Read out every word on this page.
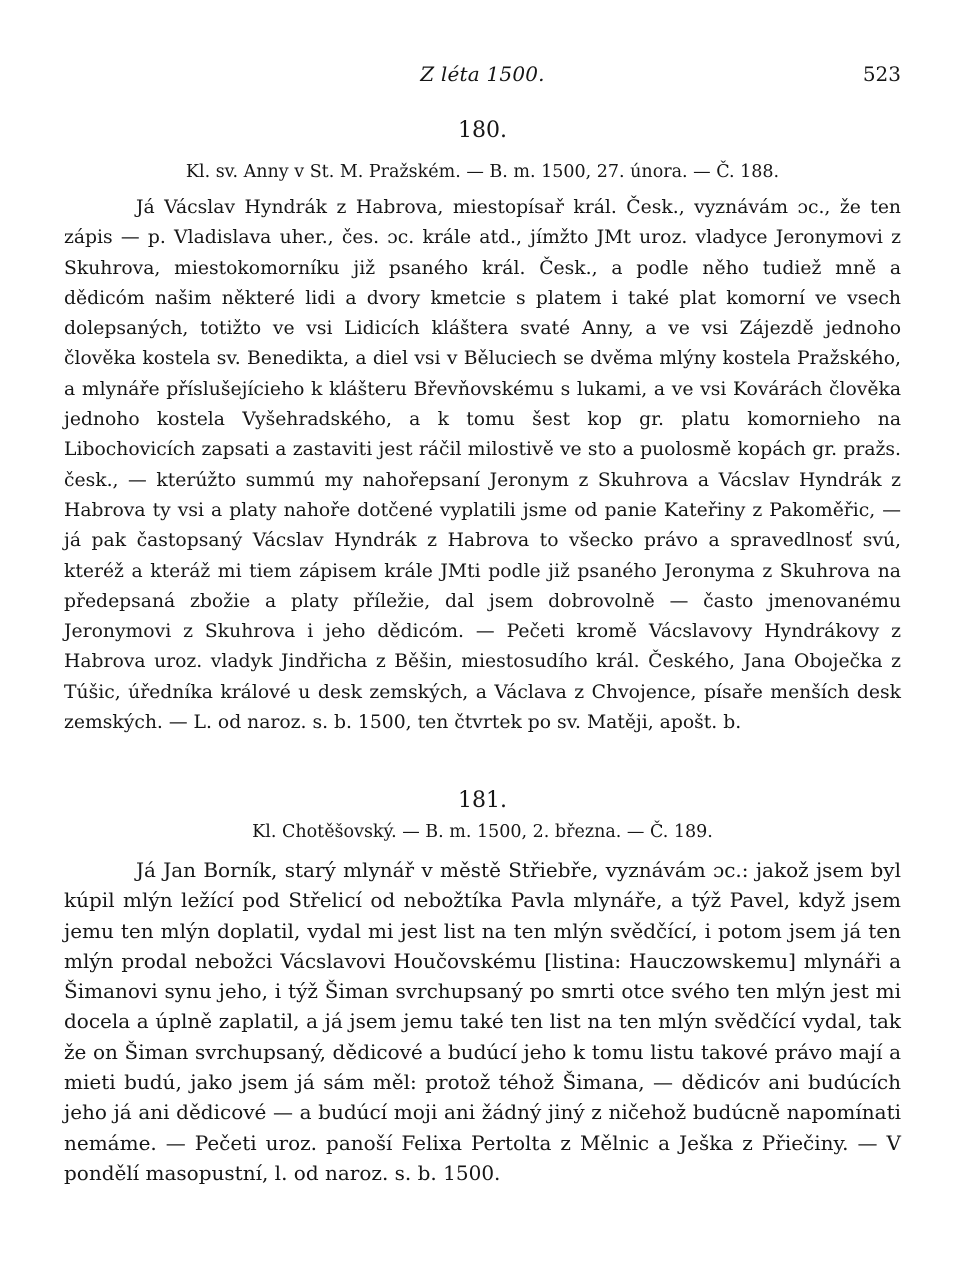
Z léta 1500.	523
180.
Kl. sv. Anny v St. M. Pražském. — B. m. 1500, 27. února. — Č. 188.

Já Vácslav Hyndrák z Habrova, miestopísař král. Česk., vyznávám ɔc., že ten zápis — p. Vladislava uher., čes. ɔc. krále atd., jímžto JMt uroz. vladyce Jeronymovi z Skuhrova, miestokomorníku již psaného král. Česk., a podle něho tudiež mně a dědicóm našim některé lidi a dvory kmetcie s platem i také plat komorní ve vsech dolepsaných, totižto ve vsi Lidicích kláštera svaté Anny, a ve vsi Zájezdě jednoho člověka kostela sv. Benedikta, a diel vsi v Běluciech se dvěma mlýny kostela Pražského, a mlynáře příslušejícieho k klášteru Břevňovskému s lukami, a ve vsi Kovárách člověka jednoho kostela Vyšehradského, a k tomu šest kop gr. platu komornieho na Libochovicích zapsati a zastaviti jest ráčil milostivě ve sto a puolosmě kopách gr. pražs. česk., — kterúžto summú my nahořepsaní Jeronym z Skuhrova a Vácslav Hyndrák z Habrova ty vsi a platy nahoře dotčené vyplatili jsme od panie Kateřiny z Pakoměřic, — já pak častopsaný Vácslav Hyndrák z Habrova to všecko právo a spravedlnosť svú, kteréž a kteráž mi tiem zápisem krále JMti podle již psaného Jeronyma z Skuhrova na předepsaná zbožie a platy příležie, dal jsem dobrovolně — často jmenovanému Jeronymovi z Skuhrova i jeho dědicóm. — Pečeti kromě Vácslavovy Hyndrákovy z Habrova uroz. vladyk Jindřicha z Běšin, miestosudího král. Českého, Jana Oboječka z Túšic, úředníka králové u desk zemských, a Václava z Chvojence, písaře menších desk zemských. — L. od naroz. s. b. 1500, ten čtvrtek po sv. Matěji, apošt. b.

181.
Kl. Chotěšovský. — B. m. 1500, 2. března. — Č. 189.

Já Jan Borník, starý mlynář v městě Střiebře, vyznávám ɔc.: jakož jsem byl kúpil mlýn ležící pod Střelicí od nebožtíka Pavla mlynáře, a týž Pavel, když jsem jemu ten mlýn doplatil, vydal mi jest list na ten mlýn svědčící, i potom jsem já ten mlýn prodal nebožci Vácslavovi Houčovskému [listina: Hauczowskemu] mlynáři a Šimanovi synu jeho, i týž Šiman svrchupsaný po smrti otce svého ten mlýn jest mi docela a úplně zaplatil, a já jsem jemu také ten list na ten mlýn svědčící vydal, tak že on Šiman svrchupsaný, dědicové a budúcí jeho k tomu listu takové právo mají a mieti budú, jako jsem já sám měl: protož téhož Šimana, — dědicóv ani budúcích jeho já ani dědicové — a budúcí moji ani žádný jiný z ničehož budúcně napomínati nemáme. — Pečeti uroz. panoší Felixa Pertolta z Mělnic a Ješka z Přiečiny. — V pondělí masopustní, l. od naroz. s. b. 1500.
